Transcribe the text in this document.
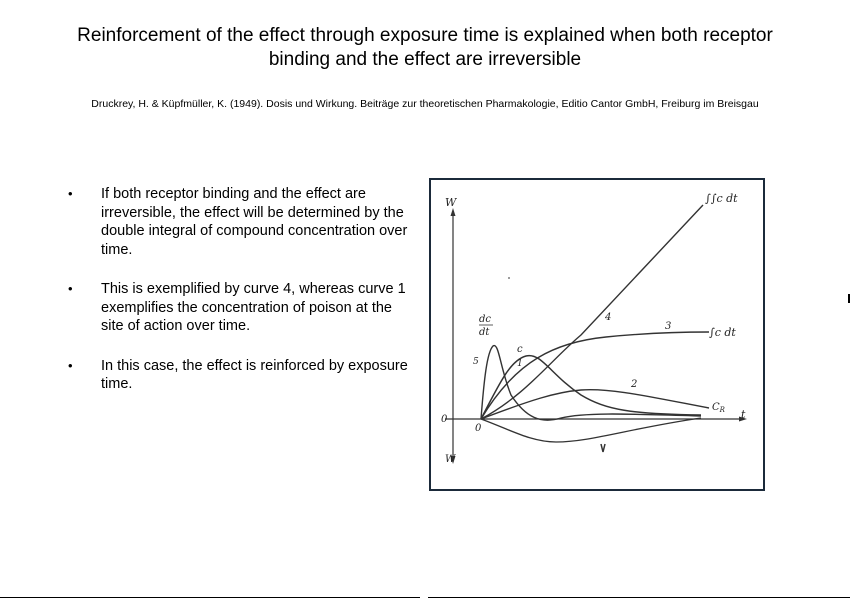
Reinforcement of the effect through exposure time is explained when both receptor binding and the effect are irreversible
Druckrey, H. & Küpfmüller, K. (1949). Dosis und Wirkung. Beiträge zur theoretischen Pharmakologie, Editio Cantor GmbH, Freiburg im Breisgau
• If both receptor binding and the effect are irreversible, the effect will be determined by the double integral of compound concentration over time.
• This is exemplified by curve 4, whereas curve 1 exemplifies the concentration of poison at the site of action over time.
• In this case, the effect is reinforced by exposure time.
W
W
0
0
t
dc
dt
∫∫c dt
∫c dt
$C_R$
c
1
2
3
4
5
